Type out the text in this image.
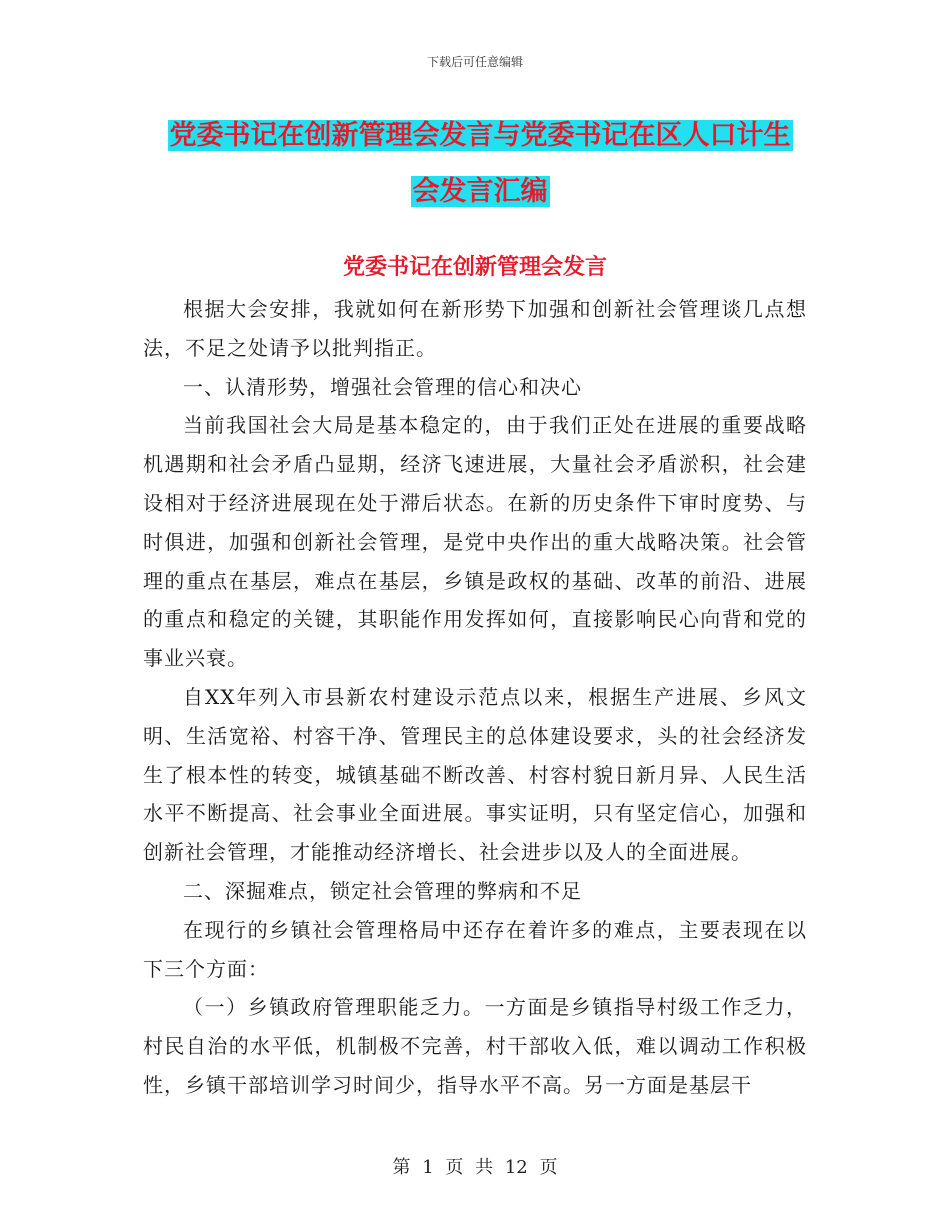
下载后可任意编辑
党委书记在创新管理会发言与党委书记在区人口计生
会发言汇编
党委书记在创新管理会发言

根据大会安排，我就如何在新形势下加强和创新社会管理谈几点想法，不足之处请予以批判指正。

一、认清形势，增强社会管理的信心和决心

当前我国社会大局是基本稳定的，由于我们正处在进展的重要战略机遇期和社会矛盾凸显期，经济飞速进展，大量社会矛盾淤积，社会建设相对于经济进展现在处于滞后状态。在新的历史条件下审时度势、与时俱进，加强和创新社会管理，是党中央作出的重大战略决策。社会管理的重点在基层，难点在基层，乡镇是政权的基础、改革的前沿、进展的重点和稳定的关键，其职能作用发挥如何，直接影响民心向背和党的事业兴衰。

自XX年列入市县新农村建设示范点以来，根据生产进展、乡风文明、生活宽裕、村容干净、管理民主的总体建设要求，头的社会经济发生了根本性的转变，城镇基础不断改善、村容村貌日新月异、人民生活水平不断提高、社会事业全面进展。事实证明，只有坚定信心，加强和创新社会管理，才能推动经济增长、社会进步以及人的全面进展。

二、深掘难点，锁定社会管理的弊病和不足

在现行的乡镇社会管理格局中还存在着许多的难点，主要表现在以下三个方面：

（一）乡镇政府管理职能乏力。一方面是乡镇指导村级工作乏力，村民自治的水平低，机制极不完善，村干部收入低，难以调动工作积极性，乡镇干部培训学习时间少，指导水平不高。另一方面是基层干

第 1 页 共 12 页
